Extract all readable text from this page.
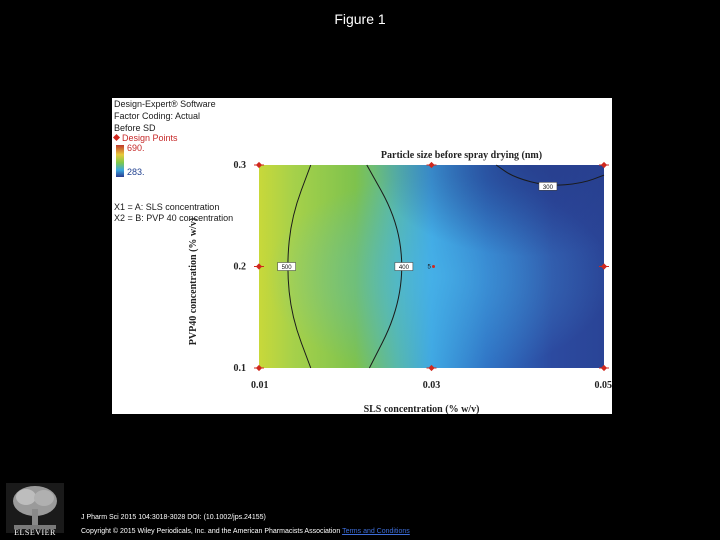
Figure 1
Design-Expert® Software
Factor Coding: Actual
Before SD
Design Points
690.
283.
X1 = A: SLS concentration
X2 = B: PVP 40 concentration
500	400
300
5
Particle size before spray drying (nm)
0.01	0.03	0.05
0.1
0.2
0.3
SLS concentration (% w/v)
PVP40 concentration (% w/v)
ELSEVIER
J Pharm Sci 2015 104:3018-3028 DOI: (10.1002/jps.24155)
Copyright © 2015 Wiley Periodicals, Inc. and the American Pharmacists Association Terms and Conditions
